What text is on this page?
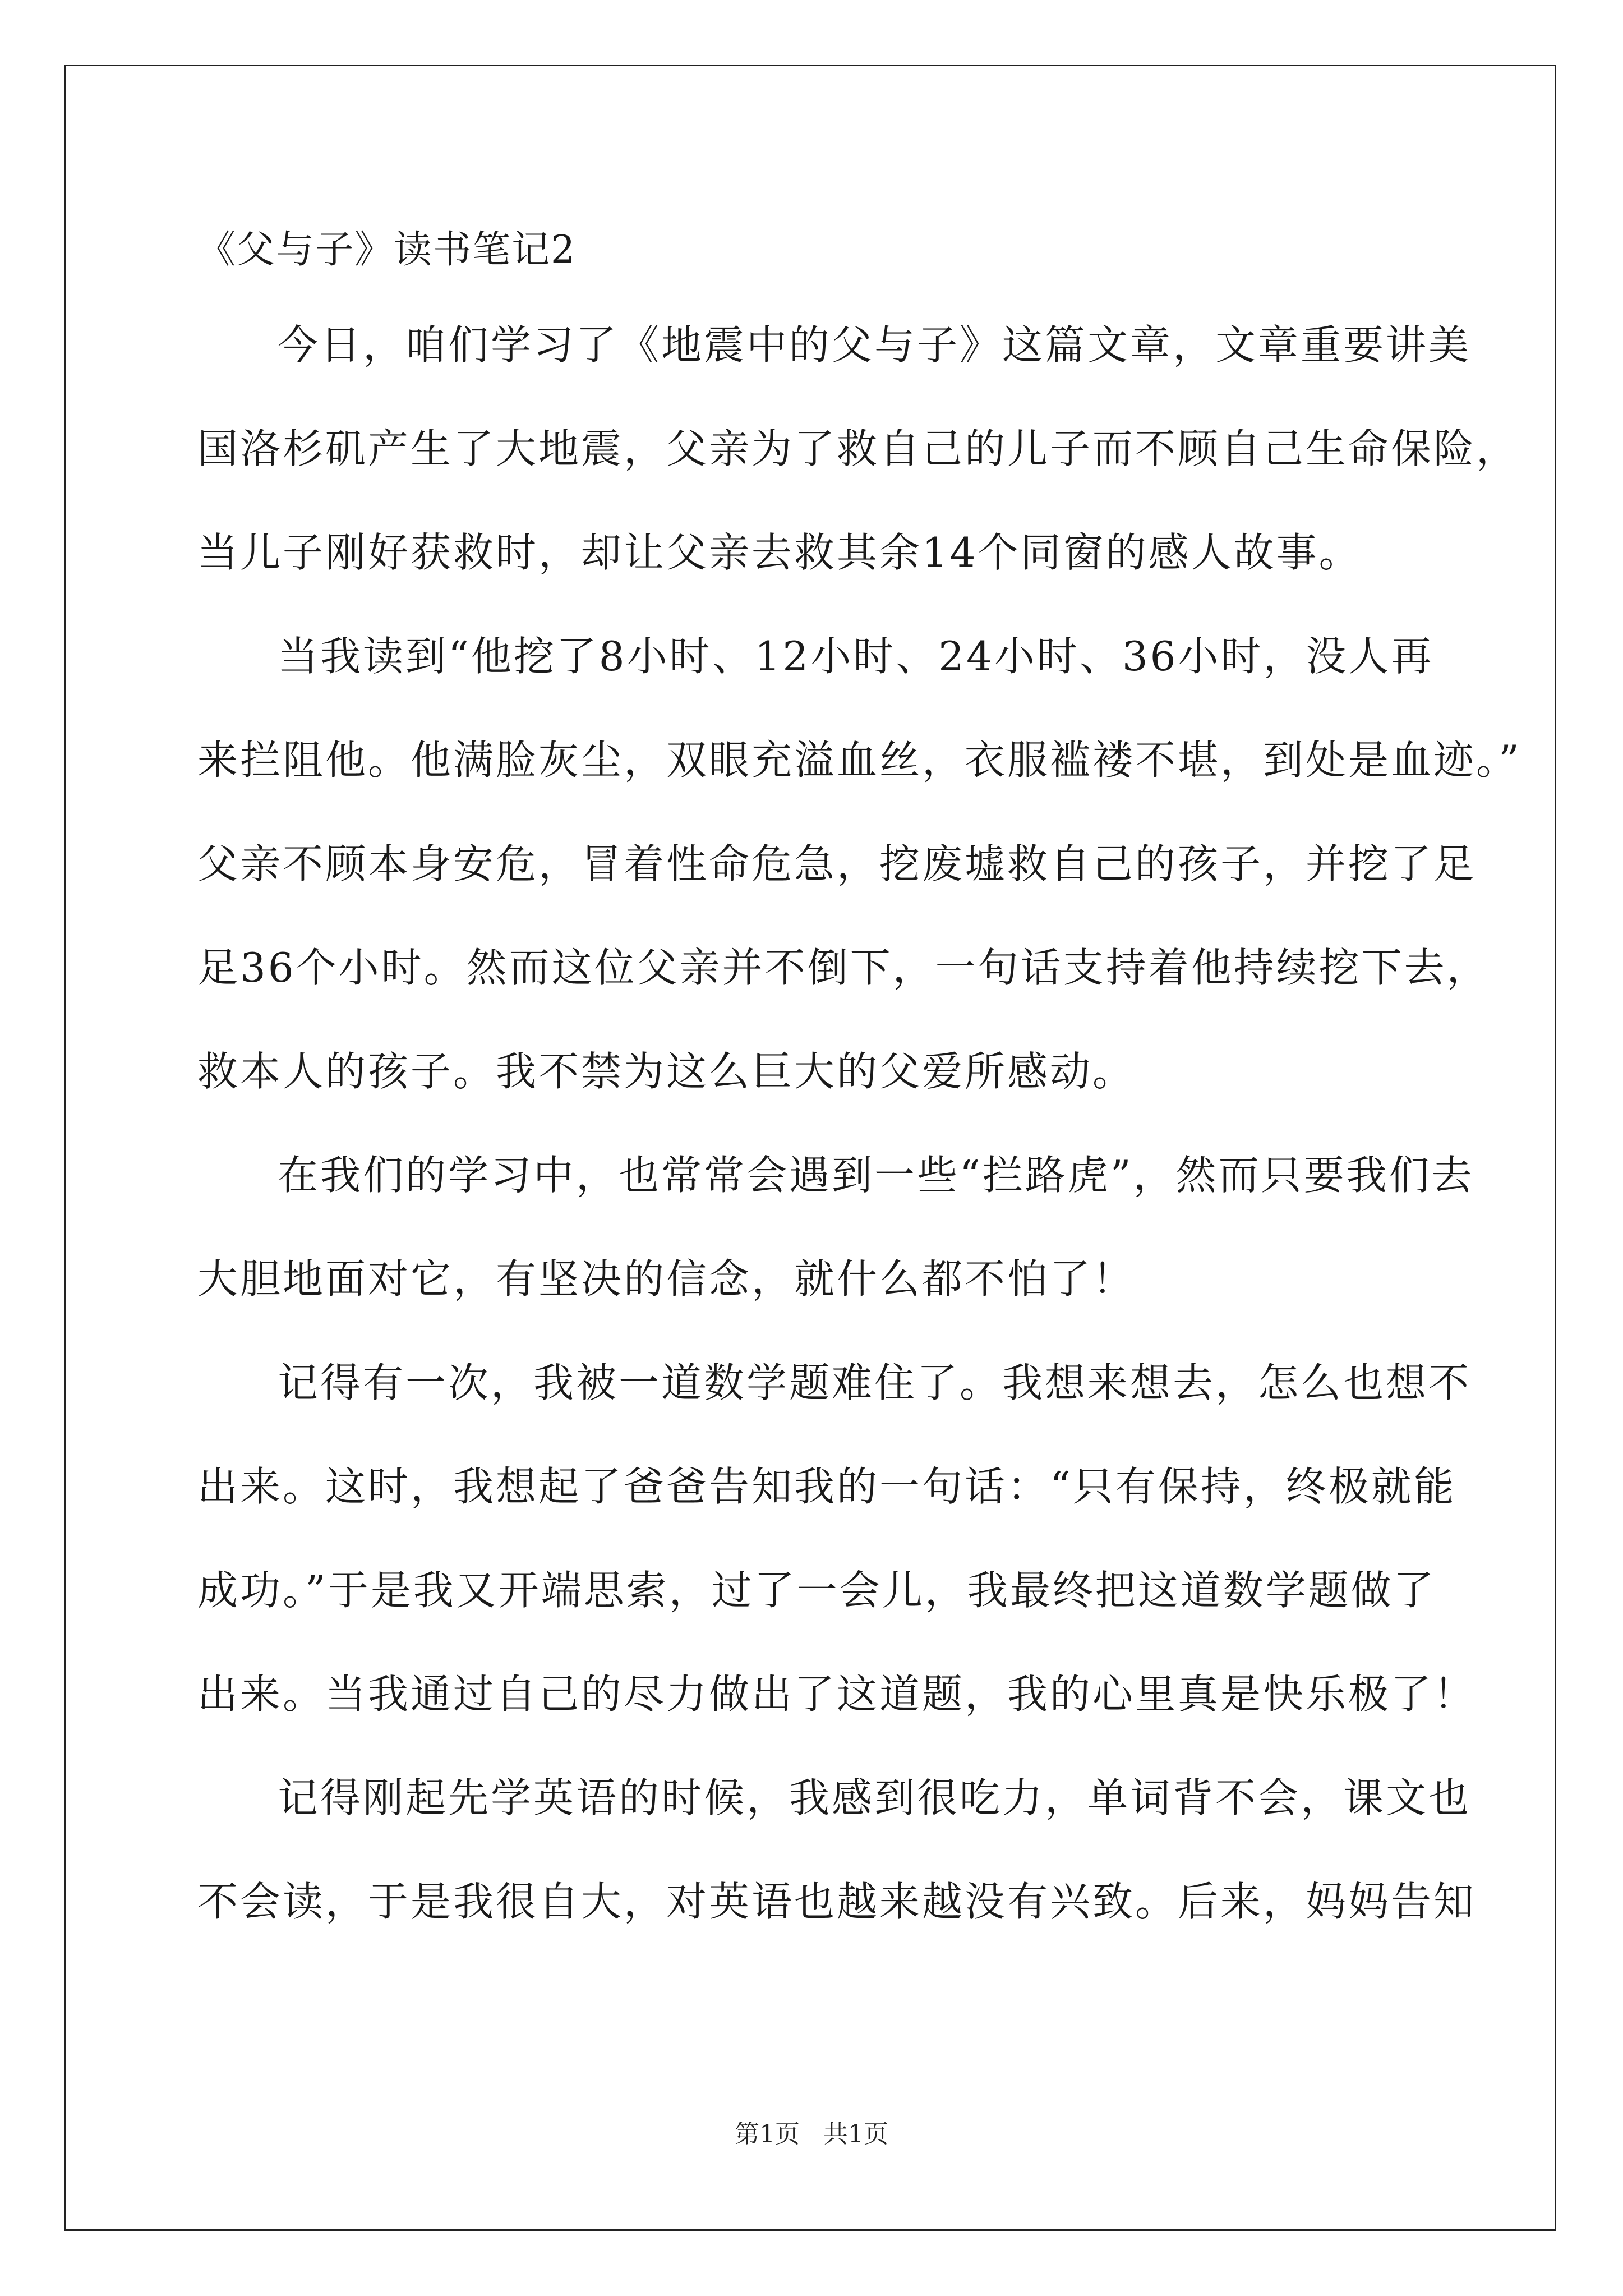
《父与子》读书笔记2
今日，咱们学习了《地震中的父与子》这篇文章，文章重要讲美
国洛杉矶产生了大地震，父亲为了救自己的儿子而不顾自己生命保险，
当儿子刚好获救时，却让父亲去救其余14个同窗的感人故事。
当我读到“他挖了8小时、12小时、24小时、36小时，没人再
来拦阻他。他满脸灰尘，双眼充溢血丝，衣服褴褛不堪，到处是血迹。”
父亲不顾本身安危，冒着性命危急，挖废墟救自己的孩子，并挖了足
足36个小时。然而这位父亲并不倒下，一句话支持着他持续挖下去，
救本人的孩子。我不禁为这么巨大的父爱所感动。
在我们的学习中，也常常会遇到一些“拦路虎”，然而只要我们去
大胆地面对它，有坚决的信念，就什么都不怕了！
记得有一次，我被一道数学题难住了。我想来想去，怎么也想不
出来。这时，我想起了爸爸告知我的一句话：“只有保持，终极就能
成功。”于是我又开端思索，过了一会儿，我最终把这道数学题做了
出来。当我通过自己的尽力做出了这道题，我的心里真是快乐极了！
记得刚起先学英语的时候，我感到很吃力，单词背不会，课文也
不会读，于是我很自大，对英语也越来越没有兴致。后来，妈妈告知
第1页   共1页
